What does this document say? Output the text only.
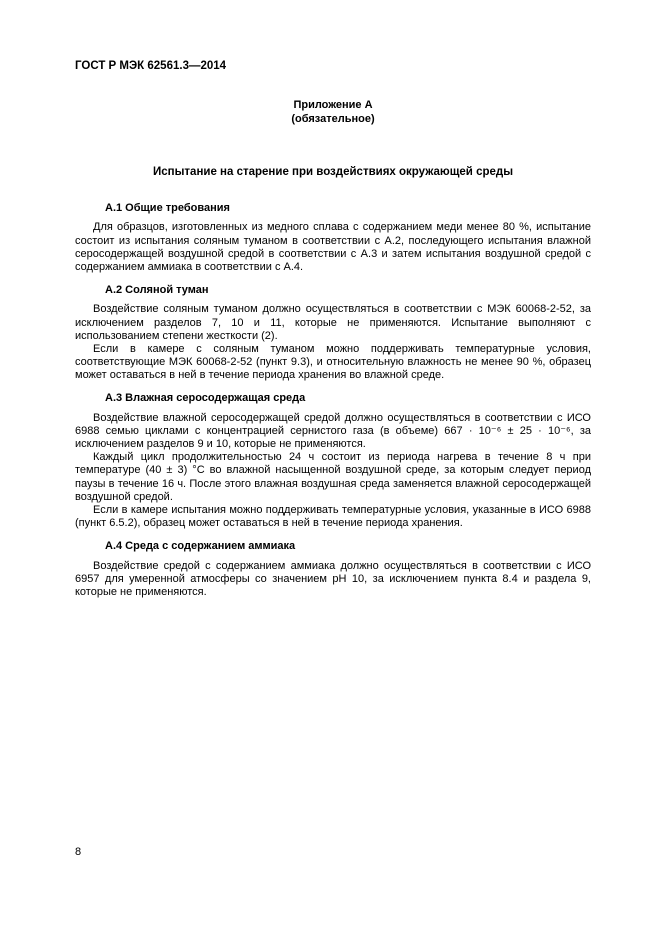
ГОСТ Р МЭК 62561.3—2014
Приложение А
(обязательное)
Испытание на старение при воздействиях окружающей среды
А.1 Общие требования

Для образцов, изготовленных из медного сплава с содержанием меди менее 80 %, испытание состоит из испытания соляным туманом в соответствии с А.2, последующего испытания влажной серосодержащей воздушной средой в соответствии с А.3 и затем испытания воздушной средой с содержанием аммиака в соответствии с А.4.

А.2 Соляной туман

Воздействие соляным туманом должно осуществляться в соответствии с МЭК 60068-2-52, за исключением разделов 7, 10 и 11, которые не применяются. Испытание выполняют с использованием степени жесткости (2).

Если в камере с соляным туманом можно поддерживать температурные условия, соответствующие МЭК 60068-2-52 (пункт 9.3), и относительную влажность не менее 90 %, образец может оставаться в ней в течение периода хранения во влажной среде.

А.3 Влажная серосодержащая среда

Воздействие влажной серосодержащей средой должно осуществляться в соответствии с ИСО 6988 семью циклами с концентрацией сернистого газа (в объеме) 667 · 10⁻⁶ ± 25 · 10⁻⁶, за исключением разделов 9 и 10, которые не применяются.

Каждый цикл продолжительностью 24 ч состоит из периода нагрева в течение 8 ч при температуре (40 ± 3) °С во влажной насыщенной воздушной среде, за которым следует период паузы в течение 16 ч. После этого влажная воздушная среда заменяется влажной серосодержащей воздушной средой.

Если в камере испытания можно поддерживать температурные условия, указанные в ИСО 6988 (пункт 6.5.2), образец может оставаться в ней в течение периода хранения.

А.4 Среда с содержанием аммиака

Воздействие средой с содержанием аммиака должно осуществляться в соответствии с ИСО 6957 для умеренной атмосферы со значением рН 10, за исключением пункта 8.4 и раздела 9, которые не применяются.

8
